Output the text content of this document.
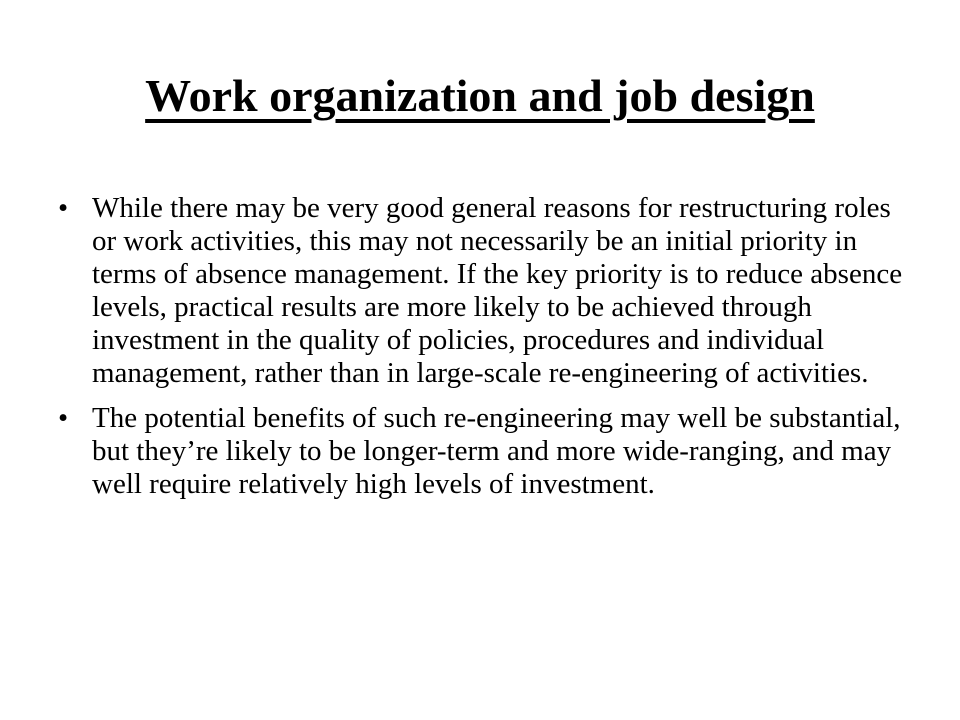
Work organization and job design
• While there may be very good general reasons for restructuring roles or work activities, this may not necessarily be an initial priority in terms of absence management. If the key priority is to reduce absence levels, practical results are more likely to be achieved through investment in the quality of policies, procedures and individual management, rather than in large-scale re-engineering of activities.
• The potential benefits of such re-engineering may well be substantial, but they’re likely to be longer-term and more wide-ranging, and may well require relatively high levels of investment.
